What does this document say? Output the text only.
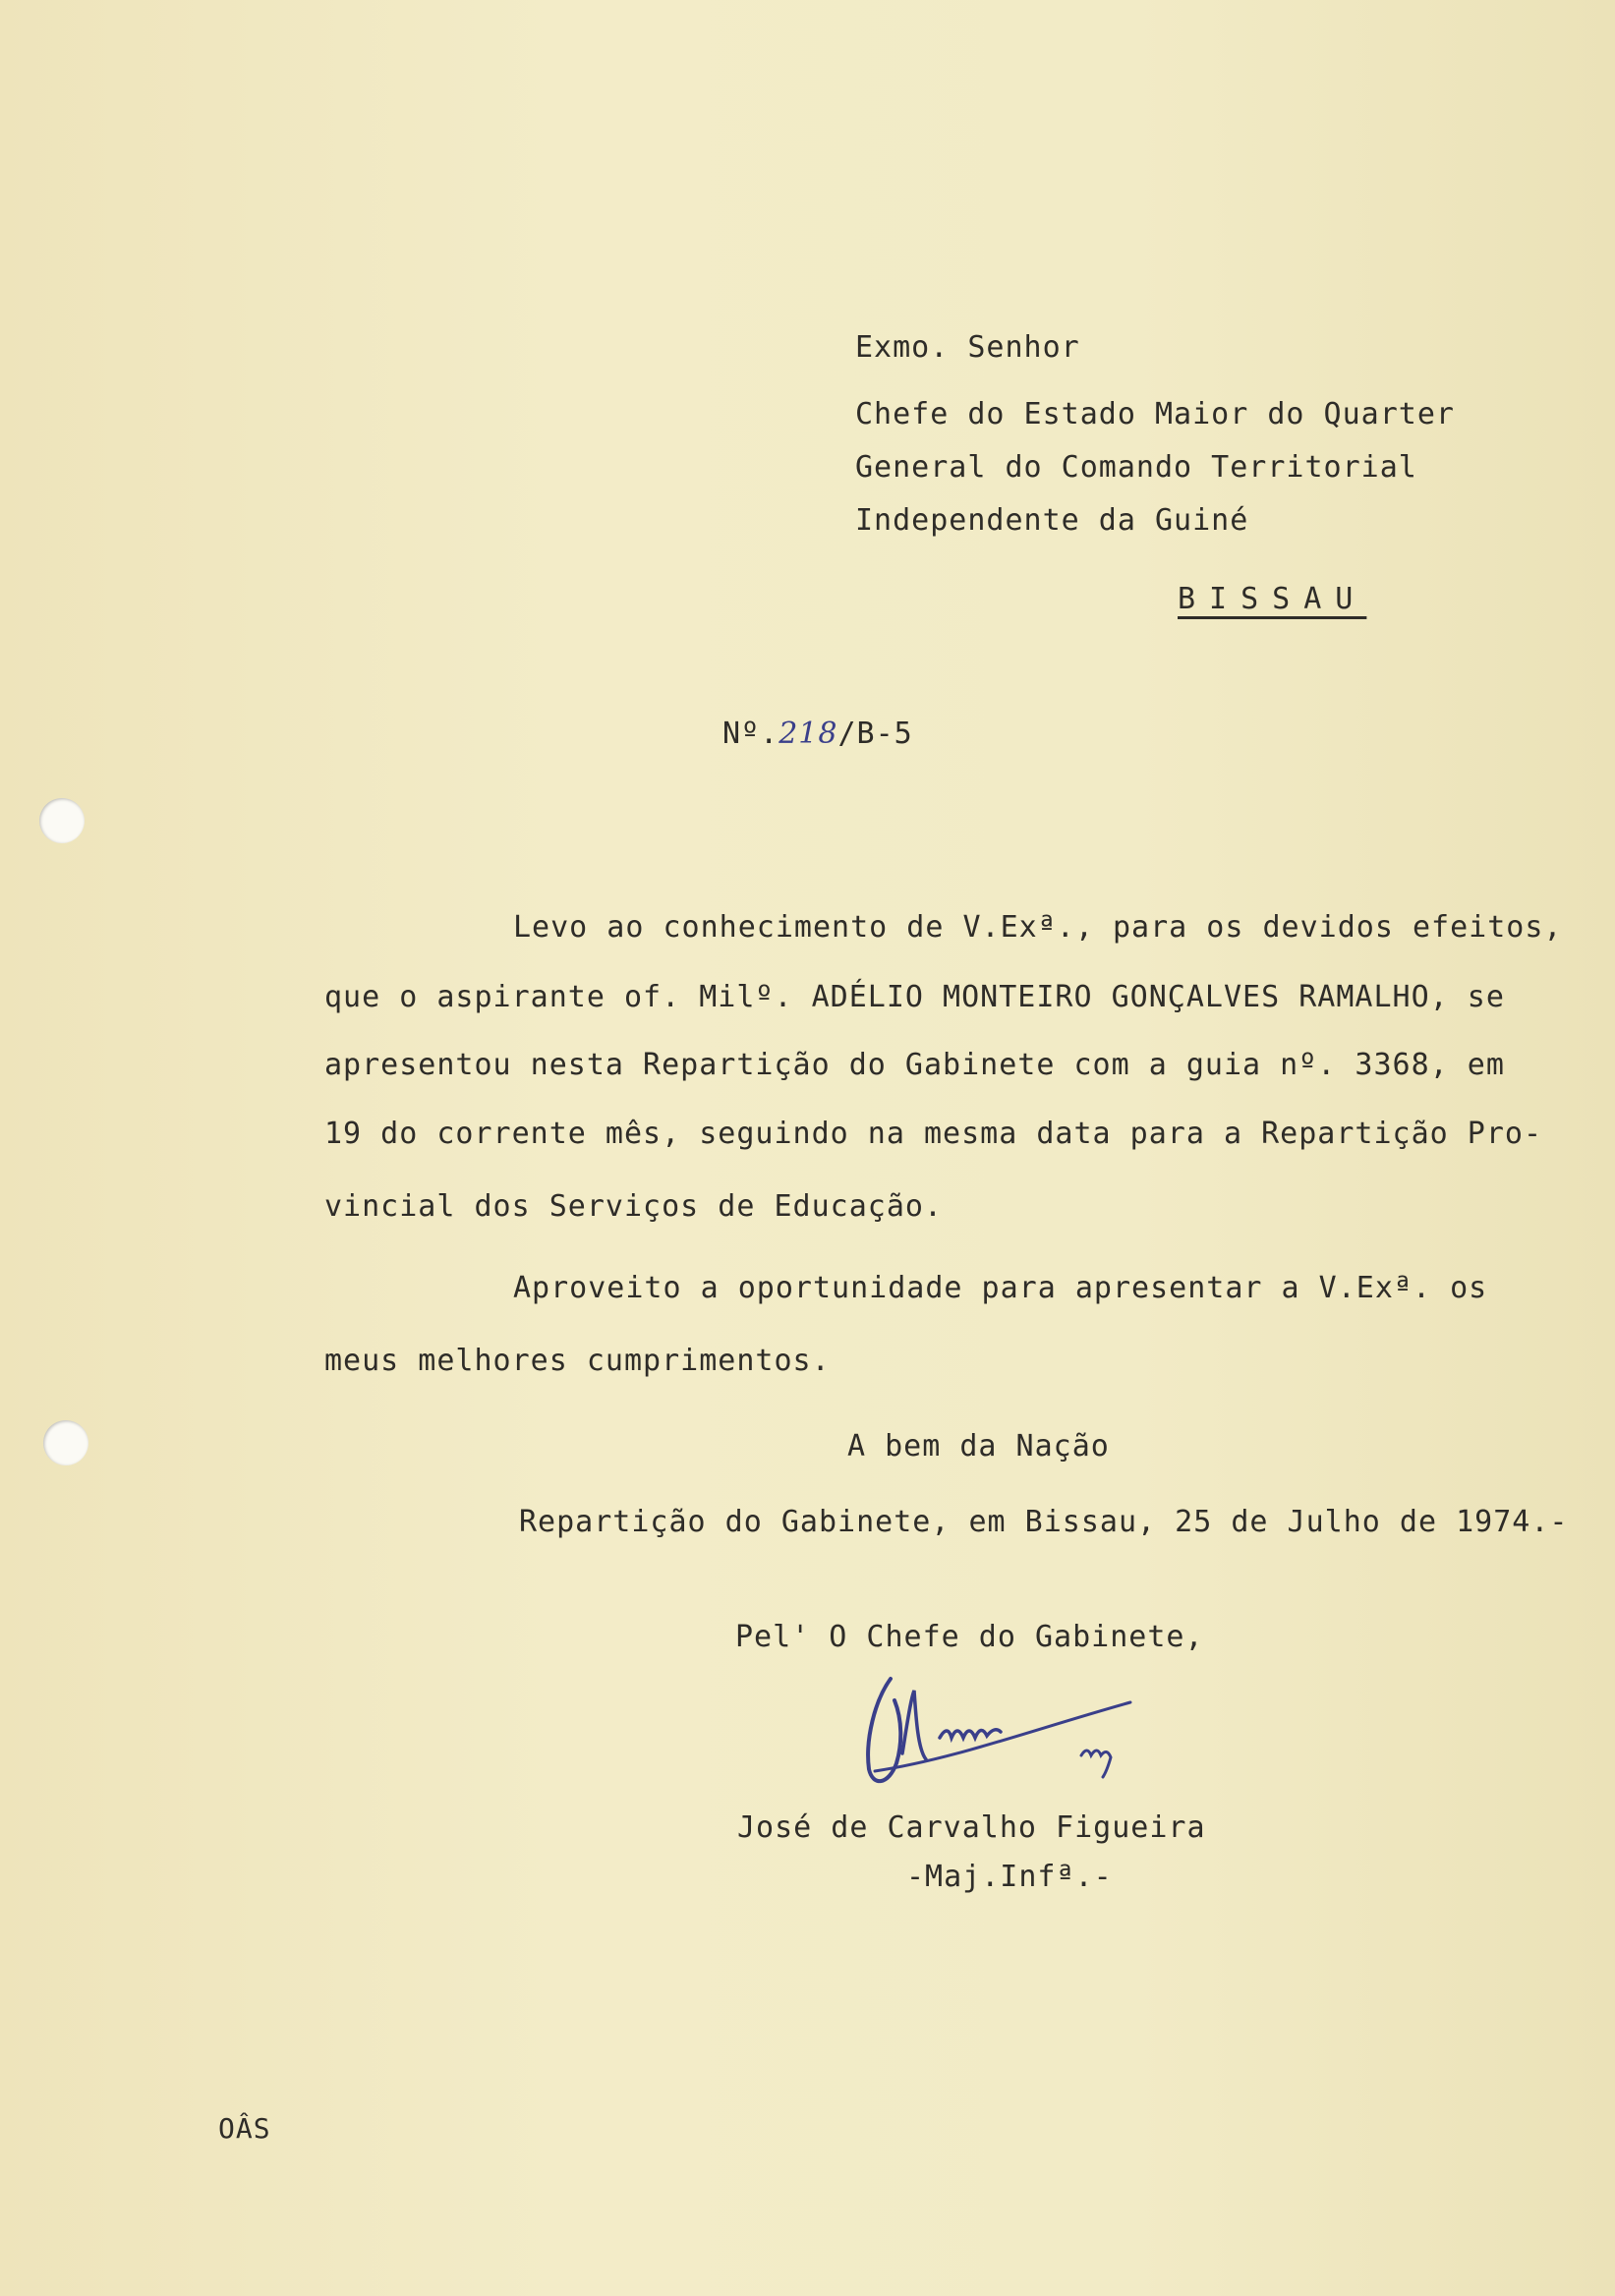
Exmo. Senhor
Chefe do Estado Maior do Quarter
General do Comando Territorial
Independente da Guiné
BISSAU
Nº.218/B-5
Levo ao conhecimento de V.Exª., para os devidos efeitos,
que o aspirante of. Milº. ADÉLIO MONTEIRO GONÇALVES RAMALHO, se
apresentou nesta Repartição do Gabinete com a guia nº. 3368, em
19 do corrente mês, seguindo na mesma data para a Repartição Pro-
vincial dos Serviços de Educação.
Aproveito a oportunidade para apresentar a V.Exª. os
meus melhores cumprimentos.
A bem da Nação
Repartição do Gabinete, em Bissau, 25 de Julho de 1974.-
Pel' O Chefe do Gabinete,
José de Carvalho Figueira
-Maj.Infª.-
OÂS
